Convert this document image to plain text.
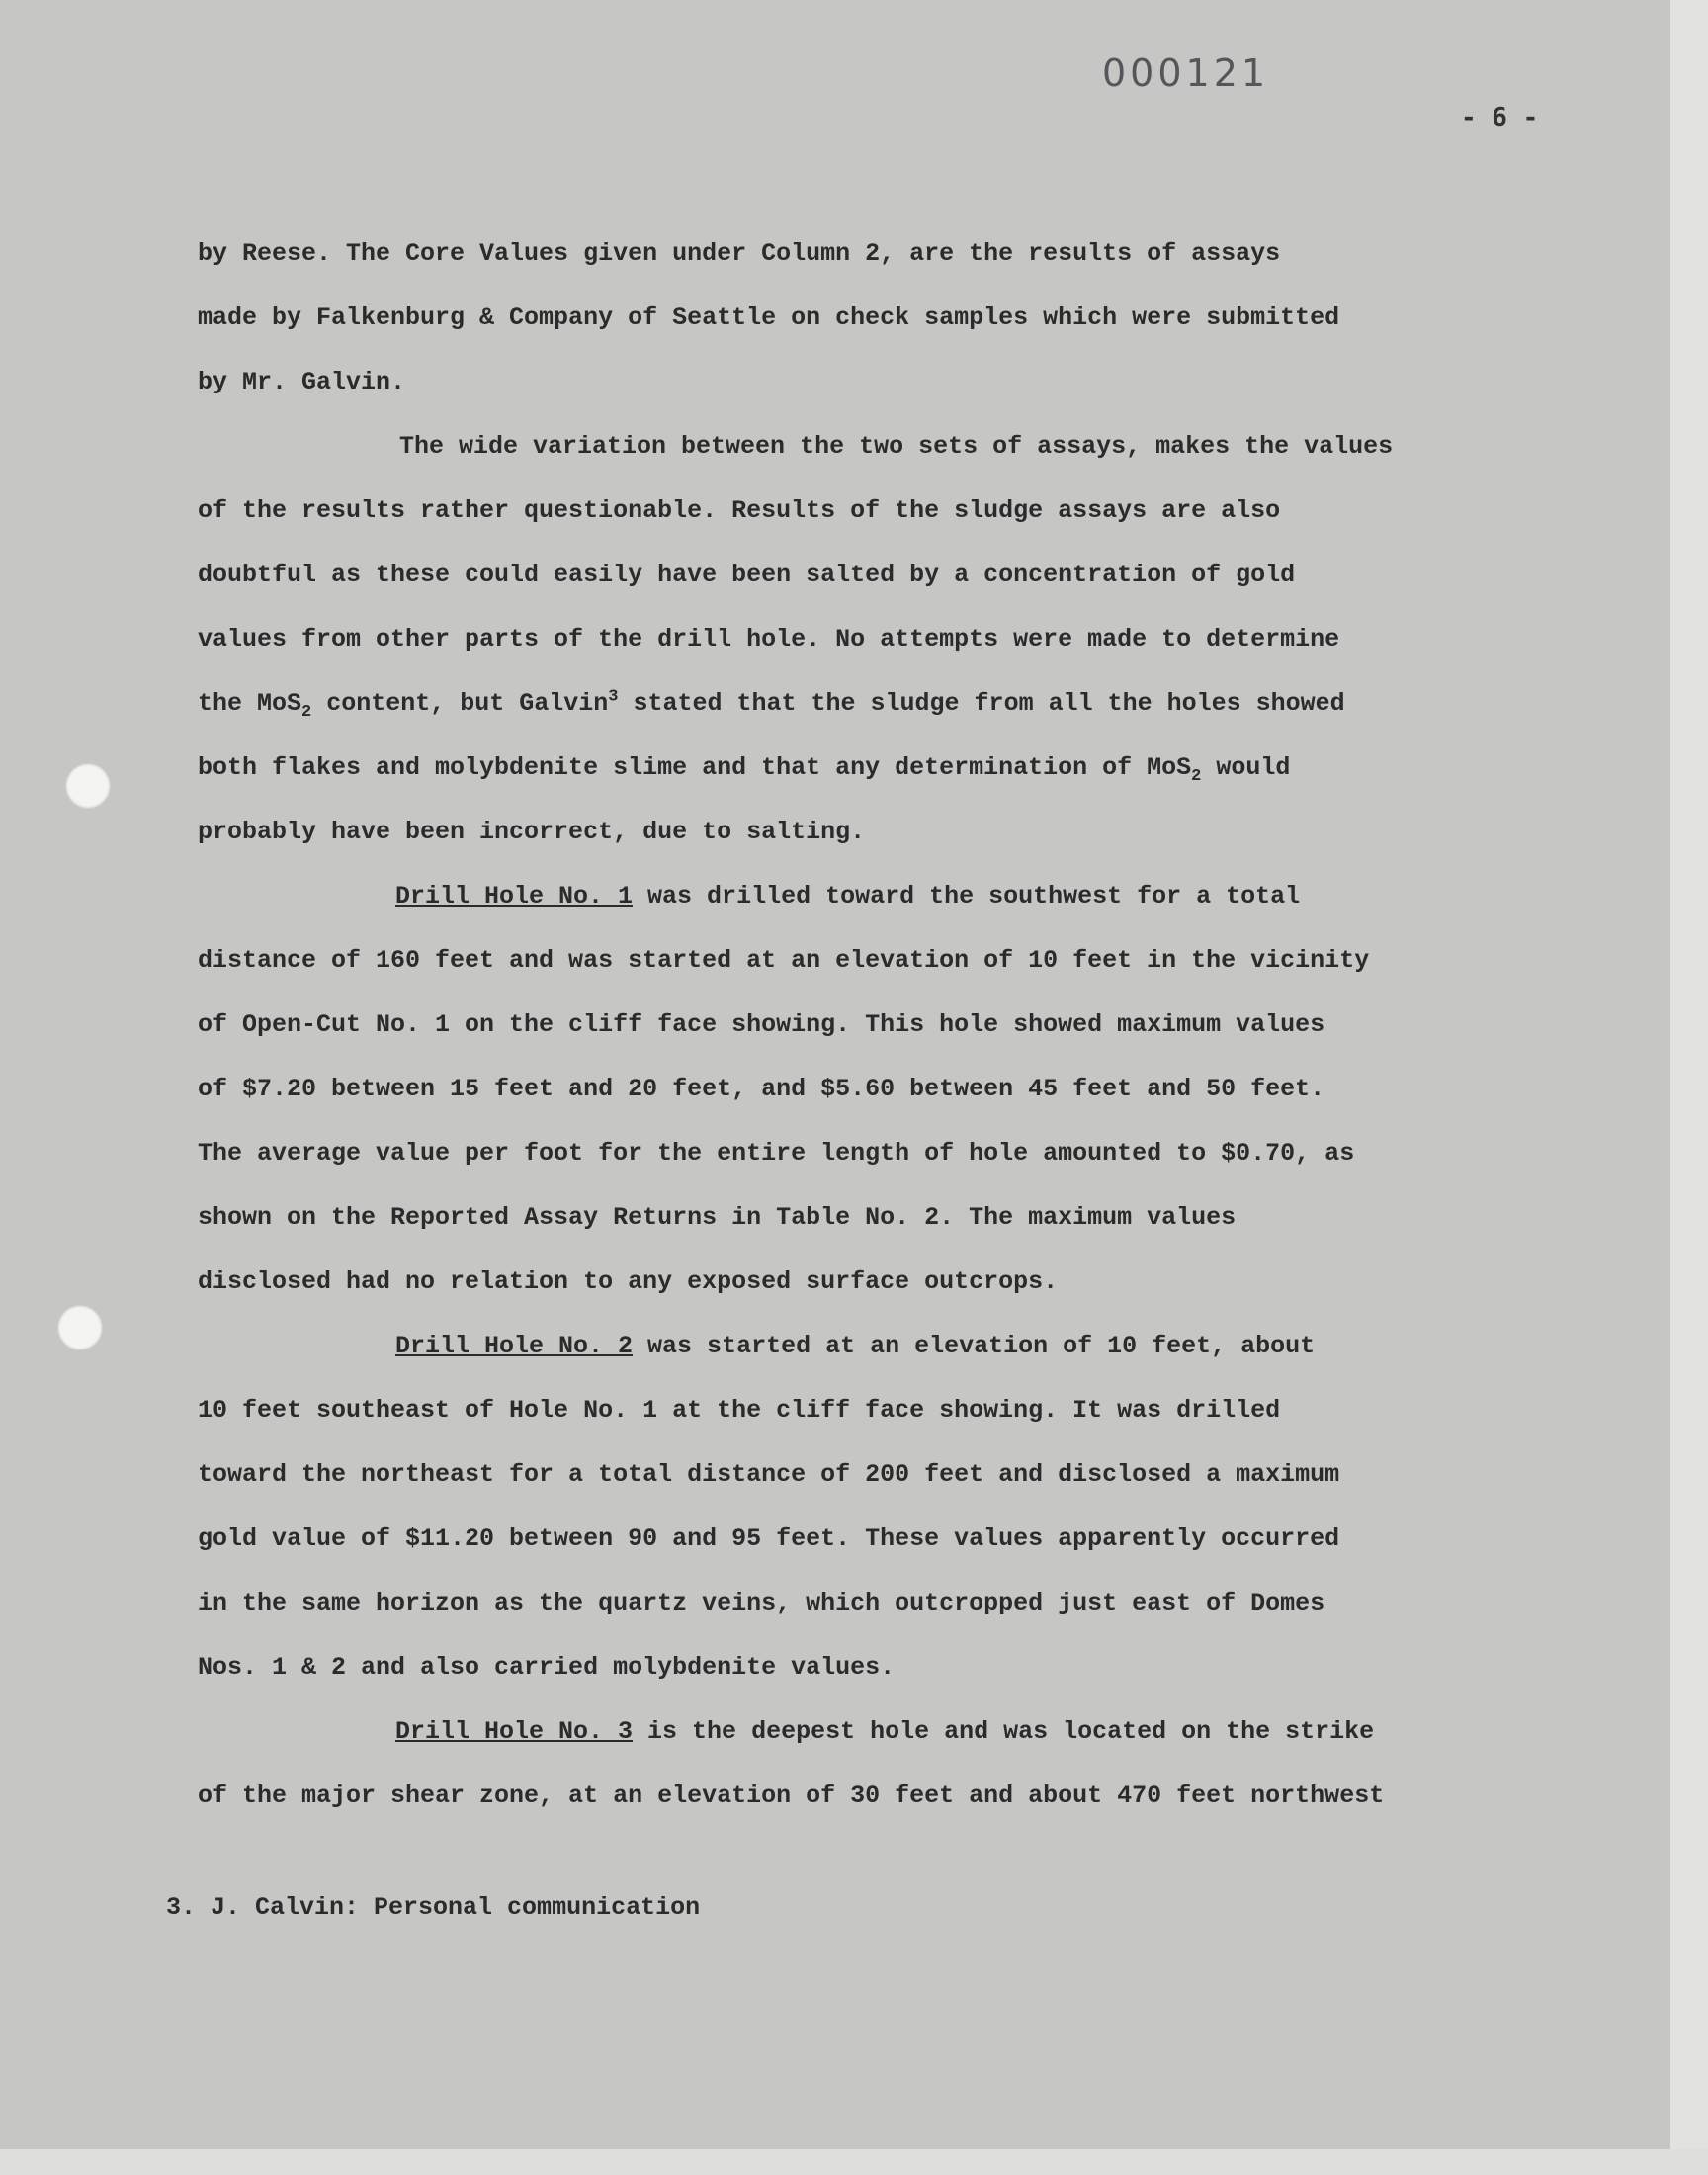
000121
- 6 -
by Reese. The Core Values given under Column 2, are the results of assays
made by Falkenburg & Company of Seattle on check samples which were submitted
by Mr. Galvin.
The wide variation between the two sets of assays, makes the values
of the results rather questionable. Results of the sludge assays are also
doubtful as these could easily have been salted by a concentration of gold
values from other parts of the drill hole. No attempts were made to determine
the MoS$_2$ content, but Galvin$^3$ stated that the sludge from all the holes showed
both flakes and molybdenite slime and that any determination of MoS$_2$ would
probably have been incorrect, due to salting.
Drill Hole No. 1 was drilled toward the southwest for a total
distance of 160 feet and was started at an elevation of 10 feet in the vicinity
of Open-Cut No. 1 on the cliff face showing. This hole showed maximum values
of $7.20 between 15 feet and 20 feet, and $5.60 between 45 feet and 50 feet.
The average value per foot for the entire length of hole amounted to $0.70, as
shown on the Reported Assay Returns in Table No. 2. The maximum values
disclosed had no relation to any exposed surface outcrops.
Drill Hole No. 2 was started at an elevation of 10 feet, about
10 feet southeast of Hole No. 1 at the cliff face showing. It was drilled
toward the northeast for a total distance of 200 feet and disclosed a maximum
gold value of $11.20 between 90 and 95 feet. These values apparently occurred
in the same horizon as the quartz veins, which outcropped just east of Domes
Nos. 1 & 2 and also carried molybdenite values.
Drill Hole No. 3 is the deepest hole and was located on the strike
of the major shear zone, at an elevation of 30 feet and about 470 feet northwest
3. J. Calvin: Personal communication
